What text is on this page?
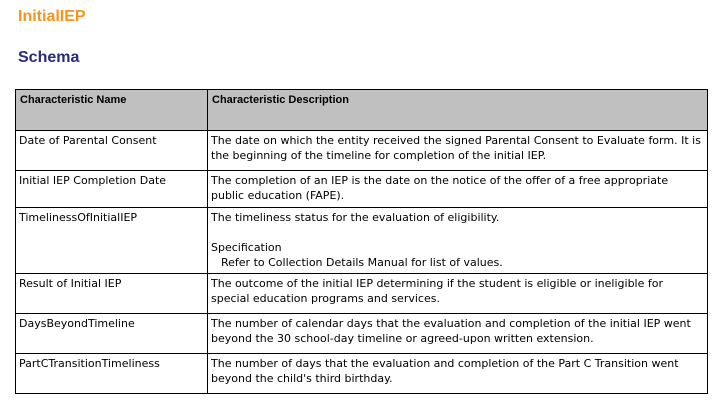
InitialIEP
Schema
Characteristic Name	Characteristic Description
Date of Parental Consent	The date on which the entity received the signed Parental Consent to Evaluate form. It is the beginning of the timeline for completion of the initial IEP.
Initial IEP Completion Date	The completion of an IEP is the date on the notice of the offer of a free appropriate public education (FAPE).
TimelinessOfInitialIEP	The timeliness status for the evaluation of eligibility.
Specification
Refer to Collection Details Manual for list of values.

Result of Initial IEP	The outcome of the initial IEP determining if the student is eligible or ineligible for special education programs and services.
DaysBeyondTimeline	The number of calendar days that the evaluation and completion of the initial IEP went beyond the 30 school-day timeline or agreed-upon written extension.
PartCTransitionTimeliness	The number of days that the evaluation and completion of the Part C Transition went beyond the child's third birthday.
